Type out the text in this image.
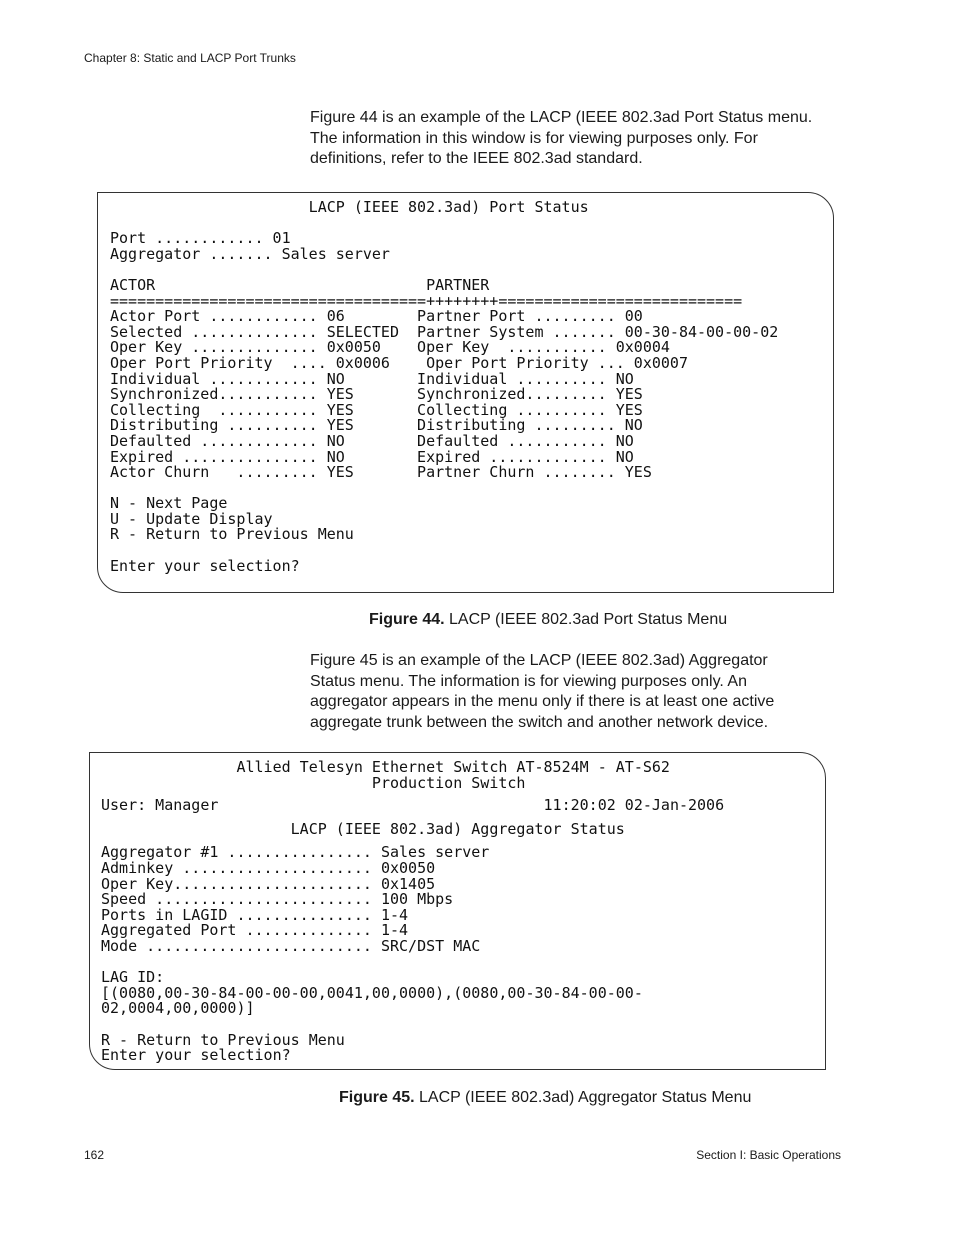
Chapter 8: Static and LACP Port Trunks

Figure 44 is an example of the LACP (IEEE 802.3ad Port Status menu.
The information in this window is for viewing purposes only. For
definitions, refer to the IEEE 802.3ad standard.

LACP (IEEE 802.3ad) Port Status
Port ............ 01
Aggregator ....... Sales server
ACTOR                              PARTNER
===================================++++++++===========================
Actor Port ............ 06        Partner Port ......... 00
Selected .............. SELECTED  Partner System ....... 00-30-84-00-00-02
Oper Key .............. 0x0050    Oper Key  ........... 0x0004
Oper Port Priority  .... 0x0006    Oper Port Priority ... 0x0007
Individual ............ NO        Individual .......... NO
Synchronized........... YES       Synchronized......... YES
Collecting  ........... YES       Collecting .......... YES
Distributing .......... YES       Distributing ......... NO
Defaulted ............. NO        Defaulted ........... NO
Expired ............... NO        Expired ............. NO
Actor Churn   ......... YES       Partner Churn ........ YES
N - Next Page
U - Update Display
R - Return to Previous Menu
Enter your selection?
Figure 44. LACP (IEEE 802.3ad Port Status Menu

Figure 45 is an example of the LACP (IEEE 802.3ad) Aggregator
Status menu. The information is for viewing purposes only. An
aggregator appears in the menu only if there is at least one active
aggregate trunk between the switch and another network device.

Allied Telesyn Ethernet Switch AT-8524M - AT-S62
Production Switch
User: Manager                                    11:20:02 02-Jan-2006
LACP (IEEE 802.3ad) Aggregator Status
Aggregator #1 ................ Sales server
Adminkey ..................... 0x0050
Oper Key...................... 0x1405
Speed ........................ 100 Mbps
Ports in LAGID ............... 1-4
Aggregated Port .............. 1-4
Mode ......................... SRC/DST MAC
LAG ID:
[(0080,00-30-84-00-00-00,0041,00,0000),(0080,00-30-84-00-00-
02,0004,00,0000)]
R - Return to Previous Menu
Enter your selection?
Figure 45. LACP (IEEE 802.3ad) Aggregator Status Menu
162	Section I: Basic Operations
